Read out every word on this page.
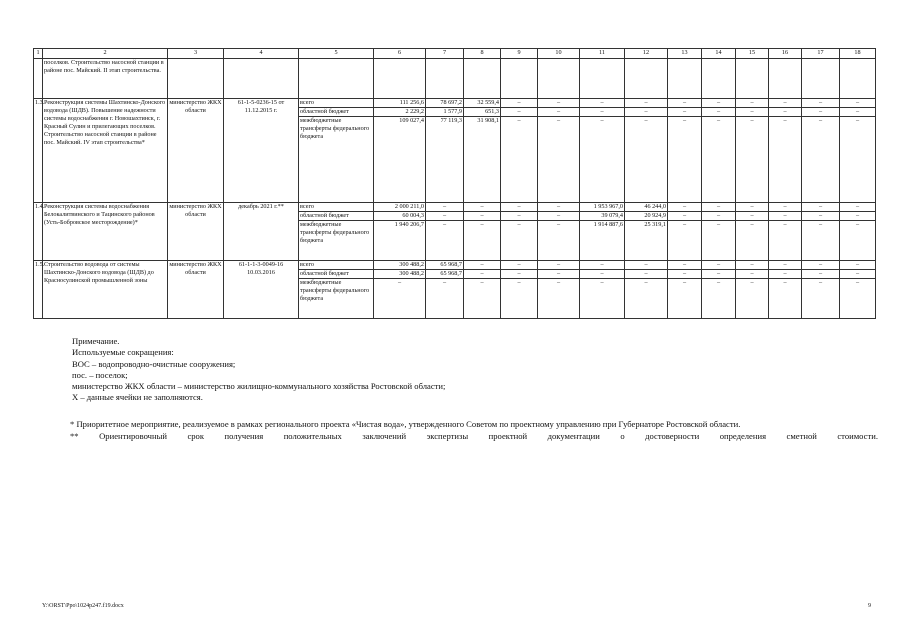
1	2	3	4	5	6	7	8	9	10	11	12	13	14	15	16	17	18
	поселков. Строительство насосной станции в районе пос. Майский. II этап строительства.																
1.3.	Реконструкция системы Шахтинско-Донского водовода (ШДВ). Повышение надежности системы водоснабжения г. Новошахтинск, г. Красный Сулин и прилегающих поселков. Строительство насосной станции в районе пос. Майский. IV этап строительства*	министерство ЖКХ области	61-1-5-0236-15 от 11.12.2015 г.	всего	111 256,6	78 697,2	32 559,4	–	–	–	–	–	–	–	–	–	–
				областной бюджет	2 229,2	1 577,9	651,3	–	–	–	–	–	–	–	–	–	–
				межбюджетные трансферты федерального бюджета	109 027,4	77 119,3	31 908,1	–	–	–	–	–	–	–	–	–	–
1.4.	Реконструкция системы водоснабжения Белокалитвинского и Тацинского районов (Усть-Бобровское месторождение)*	министерство ЖКХ области	декабрь 2021 г.**	всего	2 000 211,0	–	–	–	–	1 953 967,0	46 244,0	–	–	–	–	–	–
				областной бюджет	60 004,3	–	–	–	–	39 079,4	20 924,9	–	–	–	–	–	–
				межбюджетные трансферты федерального бюджета	1 940 206,7	–	–	–	–	1 914 887,6	25 319,1	–	–	–	–	–	–
1.5.	Строительство водовода от системы Шахтинско-Донского водовода (ШДВ) до Красносулинской промышленной зоны	министерство ЖКХ области	61-1-1-3-0049-16 10.03.2016	всего	300 488,2	65 968,7	–	–	–	–	–	–	–	–	–	–	–
				областной бюджет	300 488,2	65 968,7	–	–	–	–	–	–	–	–	–	–	–
				межбюджетные трансферты федерального бюджета	–	–	–	–	–	–	–	–	–	–	–	–	–
Примечание.
Используемые сокращения:
ВОС – водопроводно-очистные сооружения;
пос. – поселок;
министерство ЖКХ области – министерство жилищно-коммунального хозяйства Ростовской области;
Х – данные ячейки не заполняются.

* Приоритетное мероприятие, реализуемое в рамках регионального проекта «Чистая вода», утвержденного Советом по проектному управлению при Губернаторе Ростовской области.

** Ориентировочный срок получения положительных заключений экспертизы проектной документации о достоверности определения сметной стоимости.

Y:\ORST\Ppo\1024p247.f19.docx	9
